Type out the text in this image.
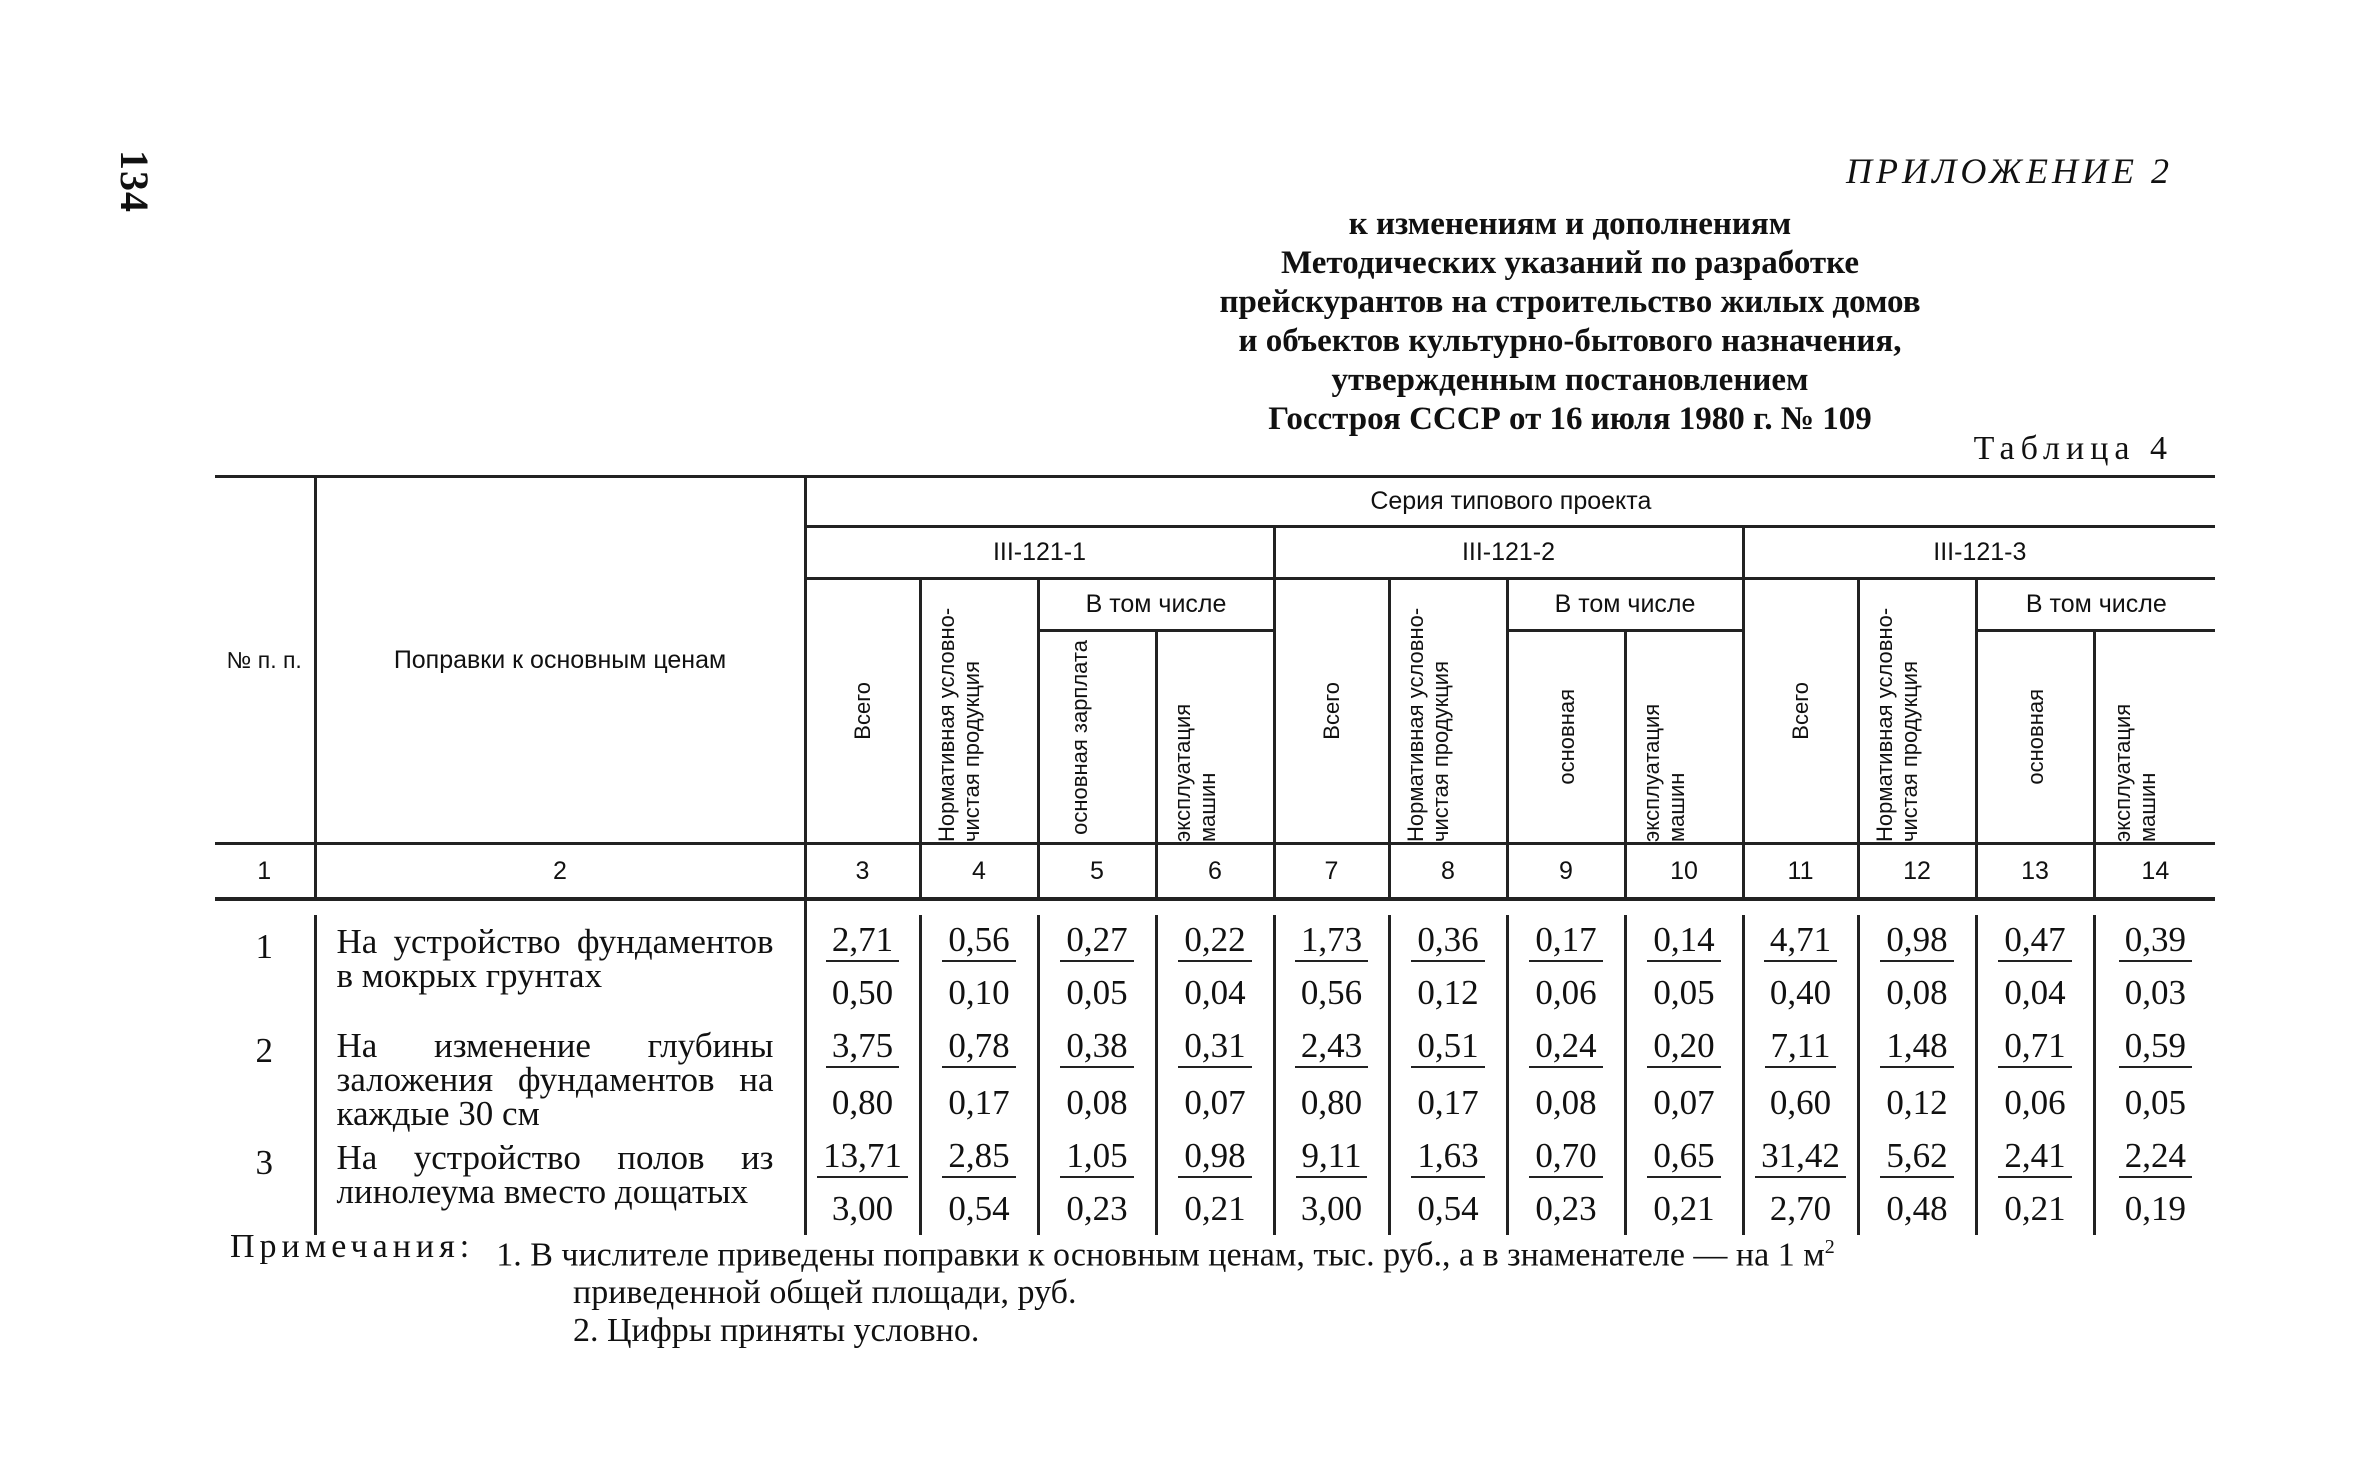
134	ПРИЛОЖЕНИЕ 2
к изменениям и дополнениям
Методических указаний по разработке
прейскурантов на строительство жилых домов
и объектов культурно-бытового назначения,
утвержденным постановлением
Госстроя СССР от 16 июля 1980 г. № 109
Таблица 4
№ п. п.	Поправки к основным ценам	Серия типового проекта											
		III-121-1				III-121-2				III-121-3			

		Всего	Нормативная условно-чистая продукция	В том числе		Всего	Нормативная условно-чистая продукция	В том числе		Всего	Нормативная условно-чистая продукция	В том числе	

				основная зарплата	эксплуатация машин			основная	эксплуатация машин			основная	эксплуатация машин

1	2	3	4	5	6	7	8	9	10	11	12	13	14

1	На устройство фундаментов в мокрых грунтах	2,71	0,56	0,27	0,22	1,73	0,36	0,17	0,14	4,71	0,98	0,47	0,39
		0,50	0,10	0,05	0,04	0,56	0,12	0,06	0,05	0,40	0,08	0,04	0,03
2	На изменение глубины заложения фундаментов на каждые 30 см	3,75	0,78	0,38	0,31	2,43	0,51	0,24	0,20	7,11	1,48	0,71	0,59
		0,80	0,17	0,08	0,07	0,80	0,17	0,08	0,07	0,60	0,12	0,06	0,05
3	На устройство полов из линолеума вместо дощатых	13,71	2,85	1,05	0,98	9,11	1,63	0,70	0,65	31,42	5,62	2,41	2,24
		3,00	0,54	0,23	0,21	3,00	0,54	0,23	0,21	2,70	0,48	0,21	0,19
Примечания: 1. В числителе приведены поправки к основным ценам, тыс. руб., а в знаменателе — на 1 $м^2$
приведенной общей площади, руб.
2. Цифры приняты условно.
